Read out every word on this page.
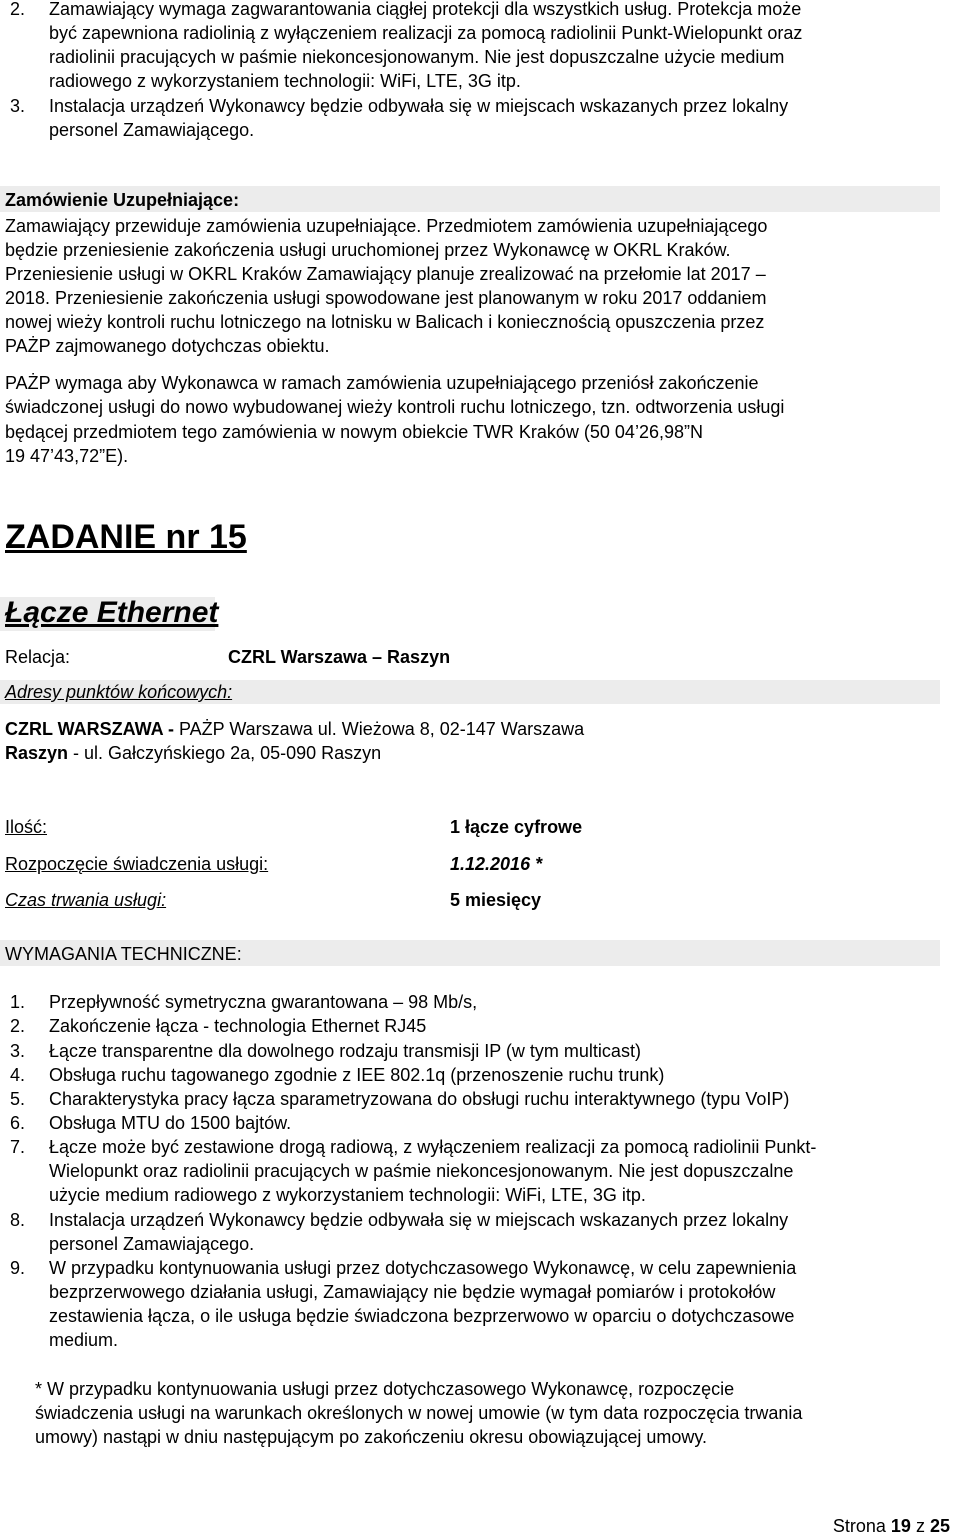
2. Zamawiający wymaga zagwarantowania ciągłej protekcji dla wszystkich usług. Protekcja może
być zapewniona radiolinią z wyłączeniem realizacji za pomocą radiolinii Punkt-Wielopunkt oraz
radiolinii pracujących w paśmie niekoncesjonowanym. Nie jest dopuszczalne użycie medium
radiowego z wykorzystaniem technologii: WiFi, LTE, 3G itp.
3. Instalacja urządzeń Wykonawcy będzie odbywała się w miejscach wskazanych przez lokalny
personel Zamawiającego.
Zamówienie Uzupełniające:
Zamawiający przewiduje zamówienia uzupełniające. Przedmiotem zamówienia uzupełniającego
będzie przeniesienie zakończenia usługi uruchomionej przez Wykonawcę w OKRL Kraków.
Przeniesienie usługi w OKRL Kraków Zamawiający planuje zrealizować na przełomie lat 2017 –
2018. Przeniesienie zakończenia usługi spowodowane jest planowanym w roku 2017 oddaniem
nowej wieży kontroli ruchu lotniczego na lotnisku w Balicach i koniecznością opuszczenia przez
PAŻP zajmowanego dotychczas obiektu.
PAŻP wymaga aby Wykonawca w ramach zamówienia uzupełniającego przeniósł zakończenie
świadczonej usługi do nowo wybudowanej wieży kontroli ruchu lotniczego, tzn. odtworzenia usługi
będącej przedmiotem tego zamówienia w nowym obiekcie TWR Kraków (50 04’26,98”N
19 47’43,72”E).
ZADANIE nr 15
Łącze Ethernet
Relacja:	CZRL Warszawa – Raszyn
Adresy punktów końcowych:
CZRL WARSZAWA - PAŻP Warszawa ul. Wieżowa 8, 02-147 Warszawa
Raszyn - ul. Gałczyńskiego 2a, 05-090 Raszyn
Ilość:	1 łącze cyfrowe
Rozpoczęcie świadczenia usługi:	1.12.2016 *
Czas trwania usługi:	5 miesięcy
WYMAGANIA TECHNICZNE:
1. Przepływność symetryczna gwarantowana – 98 Mb/s,
2. Zakończenie łącza - technologia Ethernet RJ45
3. Łącze transparentne dla dowolnego rodzaju transmisji IP (w tym multicast)
4. Obsługa ruchu tagowanego zgodnie z IEE 802.1q (przenoszenie ruchu trunk)
5. Charakterystyka pracy łącza sparametryzowana do obsługi ruchu interaktywnego (typu VoIP)
6. Obsługa MTU do 1500 bajtów.
7. Łącze może być zestawione drogą radiową, z wyłączeniem realizacji za pomocą radiolinii Punkt-
Wielopunkt oraz radiolinii pracujących w paśmie niekoncesjonowanym. Nie jest dopuszczalne
użycie medium radiowego z wykorzystaniem technologii: WiFi, LTE, 3G itp.
8. Instalacja urządzeń Wykonawcy będzie odbywała się w miejscach wskazanych przez lokalny
personel Zamawiającego.
9. W przypadku kontynuowania usługi przez dotychczasowego Wykonawcę, w celu zapewnienia
bezprzerwowego działania usługi, Zamawiający nie będzie wymagał pomiarów i protokołów
zestawienia łącza, o ile usługa będzie świadczona bezprzerwowo w oparciu o dotychczasowe
medium.
* W przypadku kontynuowania usługi przez dotychczasowego Wykonawcę, rozpoczęcie
świadczenia usługi na warunkach określonych w nowej umowie (w tym data rozpoczęcia trwania
umowy) nastąpi w dniu następującym po zakończeniu okresu obowiązującej umowy.
Strona 19 z 25
